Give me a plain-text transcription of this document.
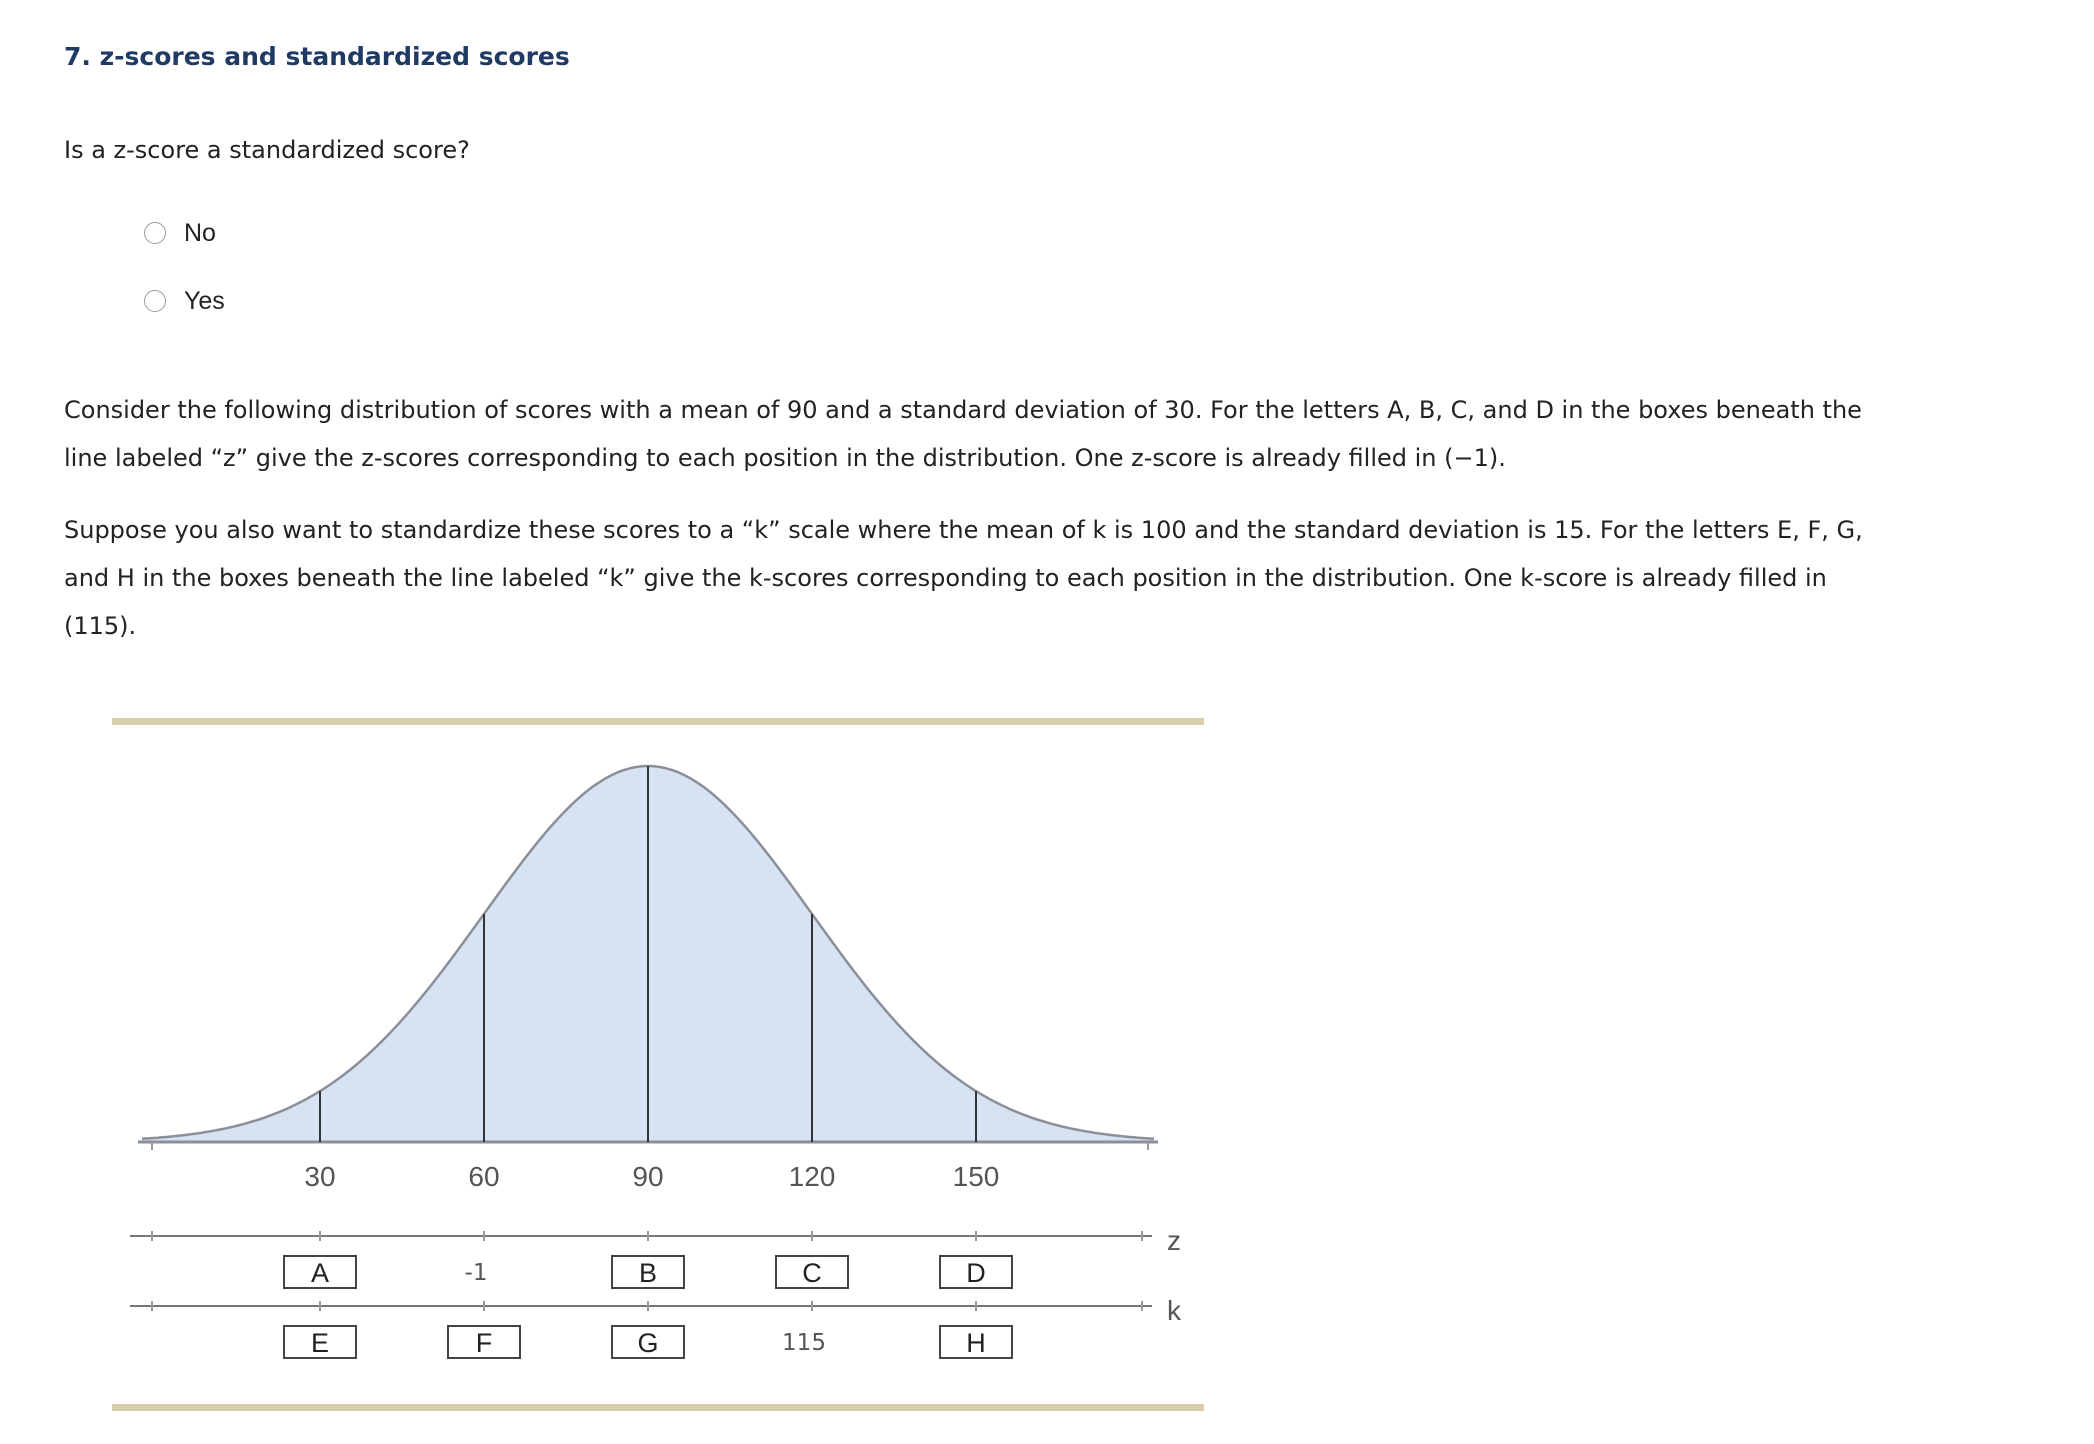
7. z-scores and standardized scores
Is a z-score a standardized score?
No
Yes
Consider the following distribution of scores with a mean of 90 and a standard deviation of 30. For the letters A, B, C, and D in the boxes beneath the
line labeled “z” give the z-scores corresponding to each position in the distribution. One z-score is already filled in (−1).
Suppose you also want to standardize these scores to a “k” scale where the mean of k is 100 and the standard deviation is 15. For the letters E, F, G,
and H in the boxes beneath the line labeled “k” give the k-scores corresponding to each position in the distribution. One k-score is already filled in
(115).
30	60	90	120	150
z
k
A	-1	B	C	D
E	F	G	115	H
